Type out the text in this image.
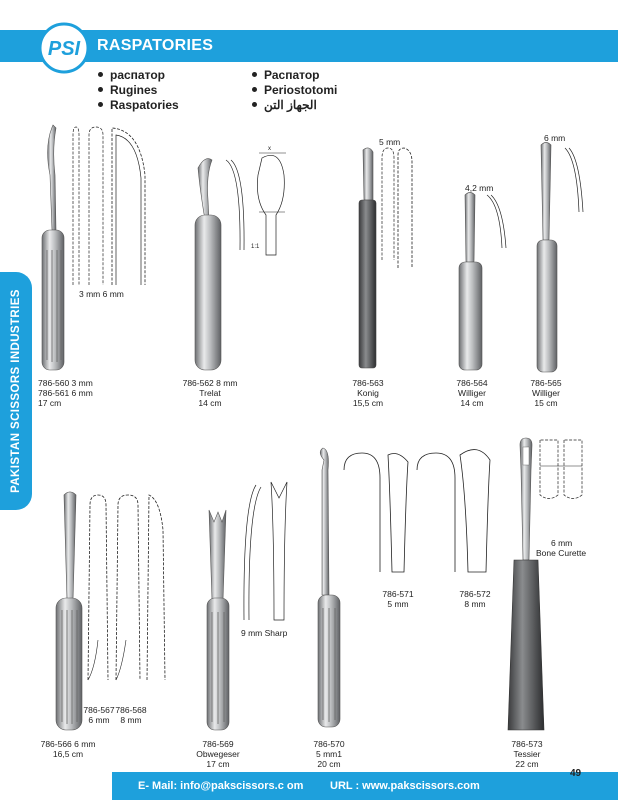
PSI RASPATORIES
распатор
Rugines
Raspatories
Распатор
Periostotomi
الجهاز التن
PAKISTAN SCISSORS INDUSTRIES	3 mm 6 mm
5 mm
4,2 mm
6 mm
9 mm Sharp
6 mm
Bone Curette
1:1
x
786-560 3 mm
786-561 6 mm
17 cm
786-562 8 mm
Trelat
14 cm
786-563
Konig
15,5 cm
786-564
Williger
14 cm
786-565
Williger
15 cm
786-566 6 mm
16,5 cm
786-567
6 mm
786-568
8 mm
786-569
Obwegeser
17 cm
786-570
5 mm1
20 cm
786-571
5 mm
786-572
8 mm
786-573
Tessier
22 cm
E- Mail: info@pakscissors.c om URL : www.pakscissors.com
49
